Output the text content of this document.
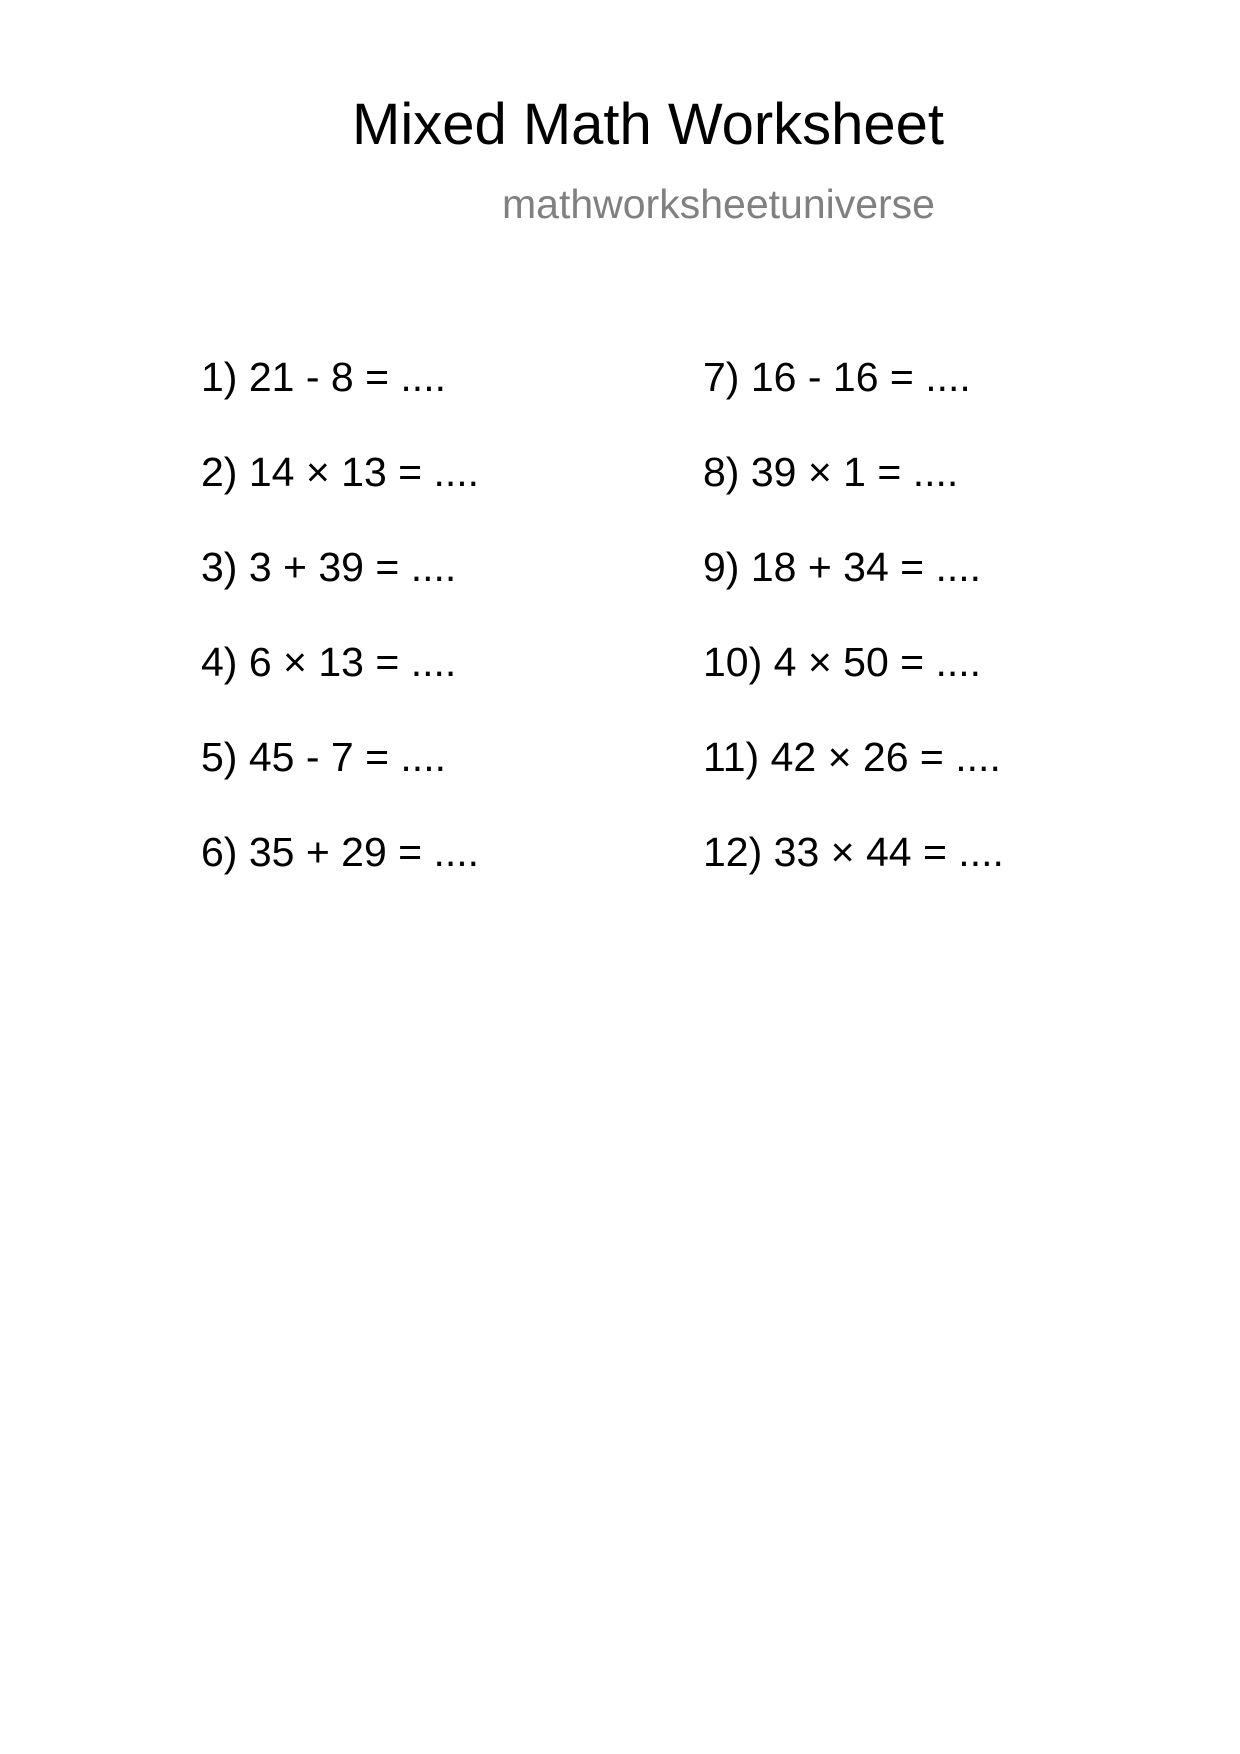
Mixed Math Worksheet
mathworksheetuniverse
1) 21 - 8 = ....
2) 14 × 13 = ....
3) 3 + 39 = ....
4) 6 × 13 = ....
5) 45 - 7 = ....
6) 35 + 29 = ....
7) 16 - 16 = ....
8) 39 × 1 = ....
9) 18 + 34 = ....
10) 4 × 50 = ....
11) 42 × 26 = ....
12) 33 × 44 = ....
